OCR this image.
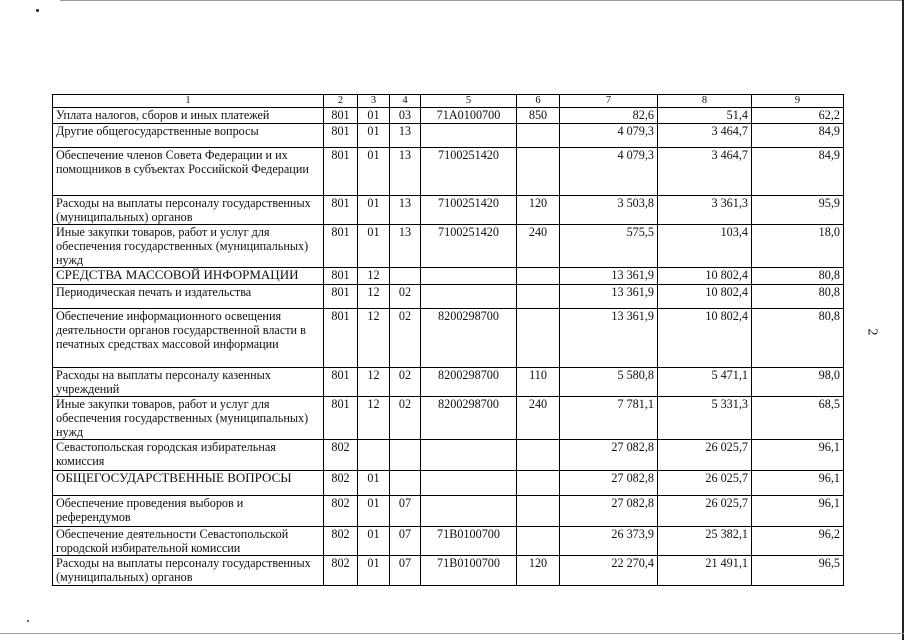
2
1	2	3	4	5	6	7	8	9
Уплата налогов, сборов и иных платежей	801	01	03	71А0100700	850	82,6	51,4	62,2
Другие общегосударственные вопросы	801	01	13			4 079,3	3 464,7	84,9
Обеспечение членов Совета Федерации и их помощников в субъектах Российской Федерации	801	01	13	7100251420		4 079,3	3 464,7	84,9
Расходы на выплаты персоналу государственных (муниципальных) органов	801	01	13	7100251420	120	3 503,8	3 361,3	95,9
Иные закупки товаров, работ и услуг для обеспечения государственных (муниципальных) нужд	801	01	13	7100251420	240	575,5	103,4	18,0
СРЕДСТВА МАССОВОЙ ИНФОРМАЦИИ	801	12				13 361,9	10 802,4	80,8
Периодическая печать и издательства	801	12	02			13 361,9	10 802,4	80,8
Обеспечение информационного освещения деятельности органов государственной власти в печатных средствах массовой информации	801	12	02	8200298700		13 361,9	10 802,4	80,8
Расходы на выплаты персоналу казенных учреждений	801	12	02	8200298700	110	5 580,8	5 471,1	98,0
Иные закупки товаров, работ и услуг для обеспечения государственных (муниципальных) нужд	801	12	02	8200298700	240	7 781,1	5 331,3	68,5
Севастопольская городская избирательная комиссия	802					27 082,8	26 025,7	96,1
ОБЩЕГОСУДАРСТВЕННЫЕ ВОПРОСЫ	802	01				27 082,8	26 025,7	96,1
Обеспечение проведения выборов и референдумов	802	01	07			27 082,8	26 025,7	96,1
Обеспечение деятельности Севастопольской городской избирательной комиссии	802	01	07	71В0100700		26 373,9	25 382,1	96,2
Расходы на выплаты персоналу государственных (муниципальных) органов	802	01	07	71В0100700	120	22 270,4	21 491,1	96,5
